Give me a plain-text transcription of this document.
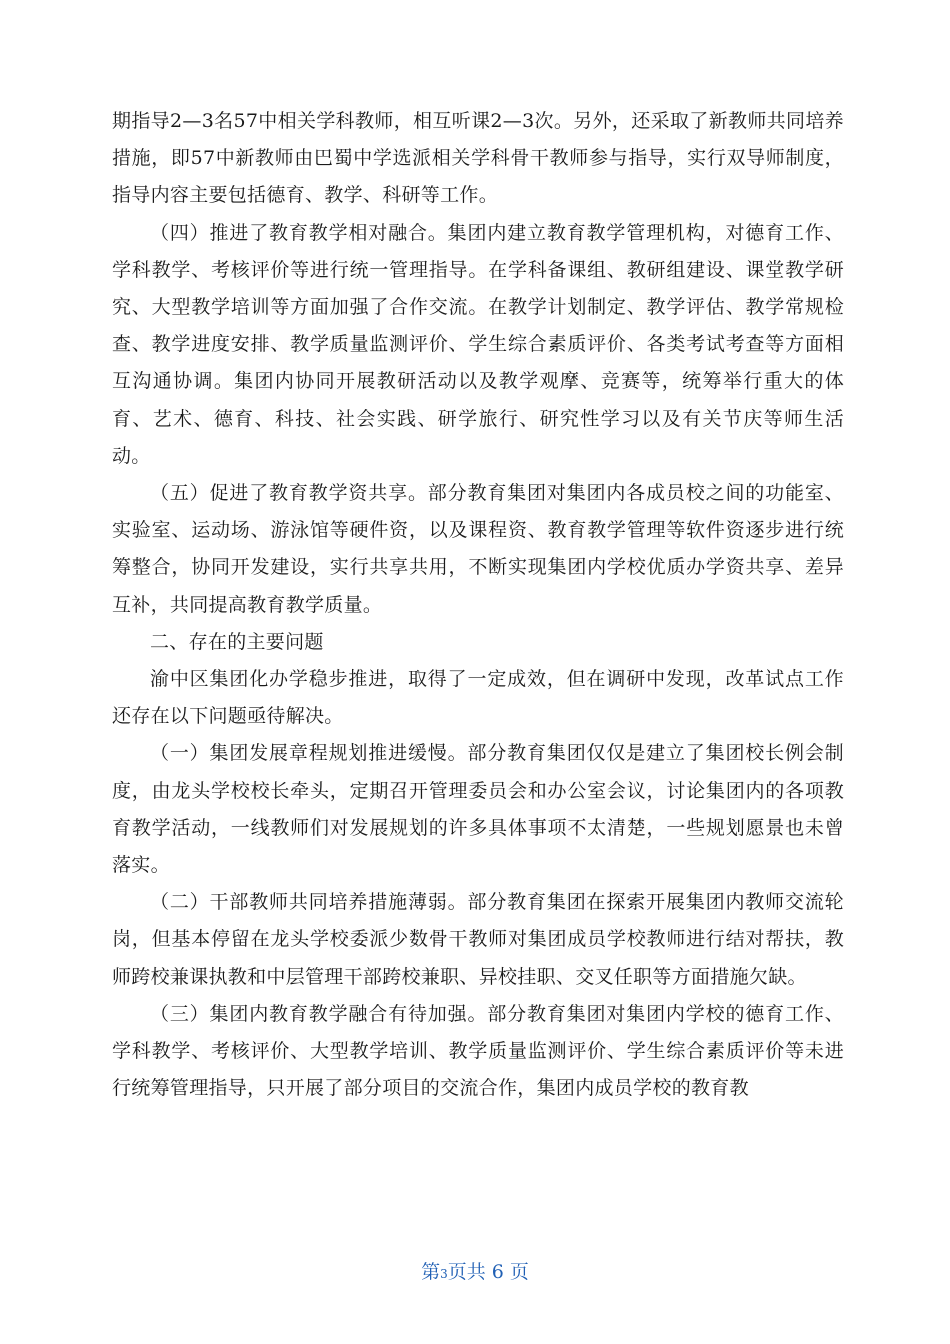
期指导2—3名57中相关学科教师，相互听课2—3次。另外，还采取了新教师共同培养措施，即57中新教师由巴蜀中学选派相关学科骨干教师参与指导，实行双导师制度，指导内容主要包括德育、教学、科研等工作。

（四）推进了教育教学相对融合。集团内建立教育教学管理机构，对德育工作、学科教学、考核评价等进行统一管理指导。在学科备课组、教研组建设、课堂教学研究、大型教学培训等方面加强了合作交流。在教学计划制定、教学评估、教学常规检查、教学进度安排、教学质量监测评价、学生综合素质评价、各类考试考查等方面相互沟通协调。集团内协同开展教研活动以及教学观摩、竞赛等，统筹举行重大的体育、艺术、德育、科技、社会实践、研学旅行、研究性学习以及有关节庆等师生活动。

（五）促进了教育教学资共享。部分教育集团对集团内各成员校之间的功能室、实验室、运动场、游泳馆等硬件资，以及课程资、教育教学管理等软件资逐步进行统筹整合，协同开发建设，实行共享共用，不断实现集团内学校优质办学资共享、差异互补，共同提高教育教学质量。

二、存在的主要问题

渝中区集团化办学稳步推进，取得了一定成效，但在调研中发现，改革试点工作还存在以下问题亟待解决。

（一）集团发展章程规划推进缓慢。部分教育集团仅仅是建立了集团校长例会制度，由龙头学校校长牵头，定期召开管理委员会和办公室会议，讨论集团内的各项教育教学活动，一线教师们对发展规划的许多具体事项不太清楚，一些规划愿景也未曾落实。

（二）干部教师共同培养措施薄弱。部分教育集团在探索开展集团内教师交流轮岗，但基本停留在龙头学校委派少数骨干教师对集团成员学校教师进行结对帮扶，教师跨校兼课执教和中层管理干部跨校兼职、异校挂职、交叉任职等方面措施欠缺。

（三）集团内教育教学融合有待加强。部分教育集团对集团内学校的德育工作、学科教学、考核评价、大型教学培训、教学质量监测评价、学生综合素质评价等未进行统筹管理指导，只开展了部分项目的交流合作，集团内成员学校的教育教

第3页共 6 页
